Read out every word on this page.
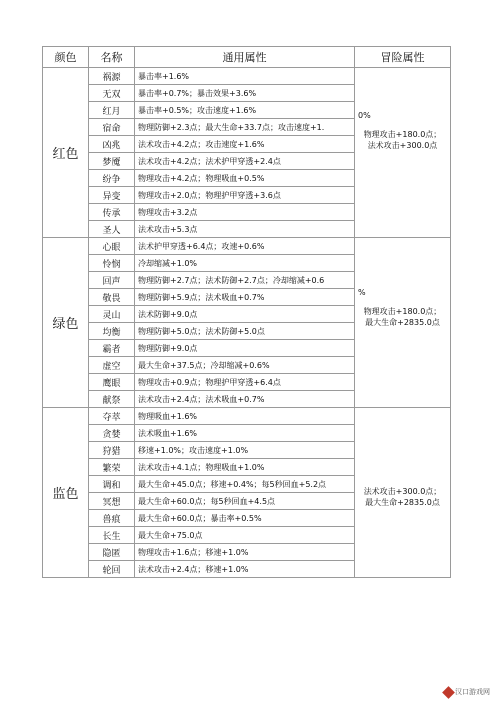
颜色	名称	通用属性	冒险属性
红色	祸源	暴击率+1.6%	0%
物理攻击+180.0点；
法术攻击+300.0点

	无双	暴击率+0.7%；暴击效果+3.6%	
	红月	暴击率+0.5%；攻击速度+1.6%	
	宿命	物理防御+2.3点；最大生命+33.7点；攻击速度+1.	
	凶兆	法术攻击+4.2点；攻击速度+1.6%	
	梦魇	法术攻击+4.2点；法术护甲穿透+2.4点	
	纷争	物理攻击+4.2点；物理吸血+0.5%	
	异变	物理攻击+2.0点；物理护甲穿透+3.6点	
	传承	物理攻击+3.2点	
	圣人	法术攻击+5.3点	
绿色	心眼	法术护甲穿透+6.4点；攻速+0.6%	%
物理攻击+180.0点；
最大生命+2835.0点

	怜悯	冷却缩减+1.0%	
	回声	物理防御+2.7点；法术防御+2.7点；冷却缩减+0.6	
	敬畏	物理防御+5.9点；法术吸血+0.7%	
	灵山	法术防御+9.0点	
	均衡	物理防御+5.0点；法术防御+5.0点	
	霸者	物理防御+9.0点	
	虚空	最大生命+37.5点；冷却缩减+0.6%	
	鹰眼	物理攻击+0.9点；物理护甲穿透+6.4点	
	献祭	法术攻击+2.4点；法术吸血+0.7%	
监色	夺萃	物理吸血+1.6%	法术攻击+300.0点；
最大生命+2835.0点

	贪婪	法术吸血+1.6%	
	狩猎	移速+1.0%；攻击速度+1.0%	
	繁荣	法术攻击+4.1点；物理吸血+1.0%	
	调和	最大生命+45.0点；移速+0.4%；每5秒回血+5.2点	
	冥想	最大生命+60.0点；每5秒回血+4.5点	
	兽痕	最大生命+60.0点；暴击率+0.5%	
	长生	最大生命+75.0点	
	隐匿	物理攻击+1.6点；移速+1.0%	
	轮回	法术攻击+2.4点；移速+1.0%	
汉口游戏网
